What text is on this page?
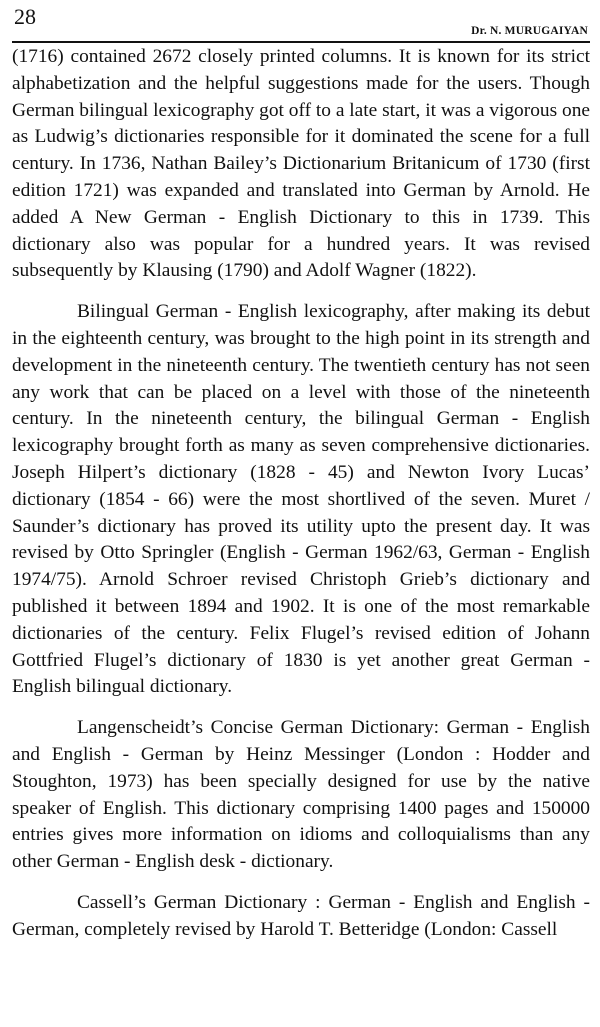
28
Dr. N. MURUGAIYAN

(1716) contained 2672 closely printed columns. It is known for its strict alphabetization and the helpful suggestions made for the users. Though German bilingual lexicography got off to a late start, it was a vigorous one as Ludwig’s dictionaries responsible for it dominated the scene for a full century. In 1736, Nathan Bailey’s Dictionarium Britanicum of 1730 (first edition 1721) was expanded and translated into German by Arnold. He added A New German - English Dictionary to this in 1739. This dictionary also was popular for a hundred years. It was revised subsequently by Klausing (1790) and Adolf Wagner (1822).

Bilingual German - English lexicography, after making its debut in the eighteenth century, was brought to the high point in its strength and development in the nineteenth century. The twentieth century has not seen any work that can be placed on a level with those of the nineteenth century. In the nineteenth century, the bilingual German - English lexicography brought forth as many as seven comprehensive dictionaries. Joseph Hilpert’s dictionary (1828 - 45) and Newton Ivory Lucas’ dictionary (1854 - 66) were the most shortlived of the seven. Muret / Saunder’s dictionary has proved its utility upto the present day. It was revised by Otto Springler (English - German 1962/63, German - English 1974/75). Arnold Schroer revised Christoph Grieb’s dictionary and published it between 1894 and 1902. It is one of the most remarkable dictionaries of the century. Felix Flugel’s revised edition of Johann Gottfried Flugel’s dictionary of 1830 is yet another great German - English bilingual dictionary.

Langenscheidt’s Concise German Dictionary: German - English and English - German by Heinz Messinger (London : Hodder and Stoughton, 1973) has been specially designed for use by the native speaker of English. This dictionary comprising 1400 pages and 150000 entries gives more information on idioms and colloquialisms than any other German - English desk - dictionary.

Cassell’s German Dictionary : German - English and English - German, completely revised by Harold T. Betteridge (London: Cassell
